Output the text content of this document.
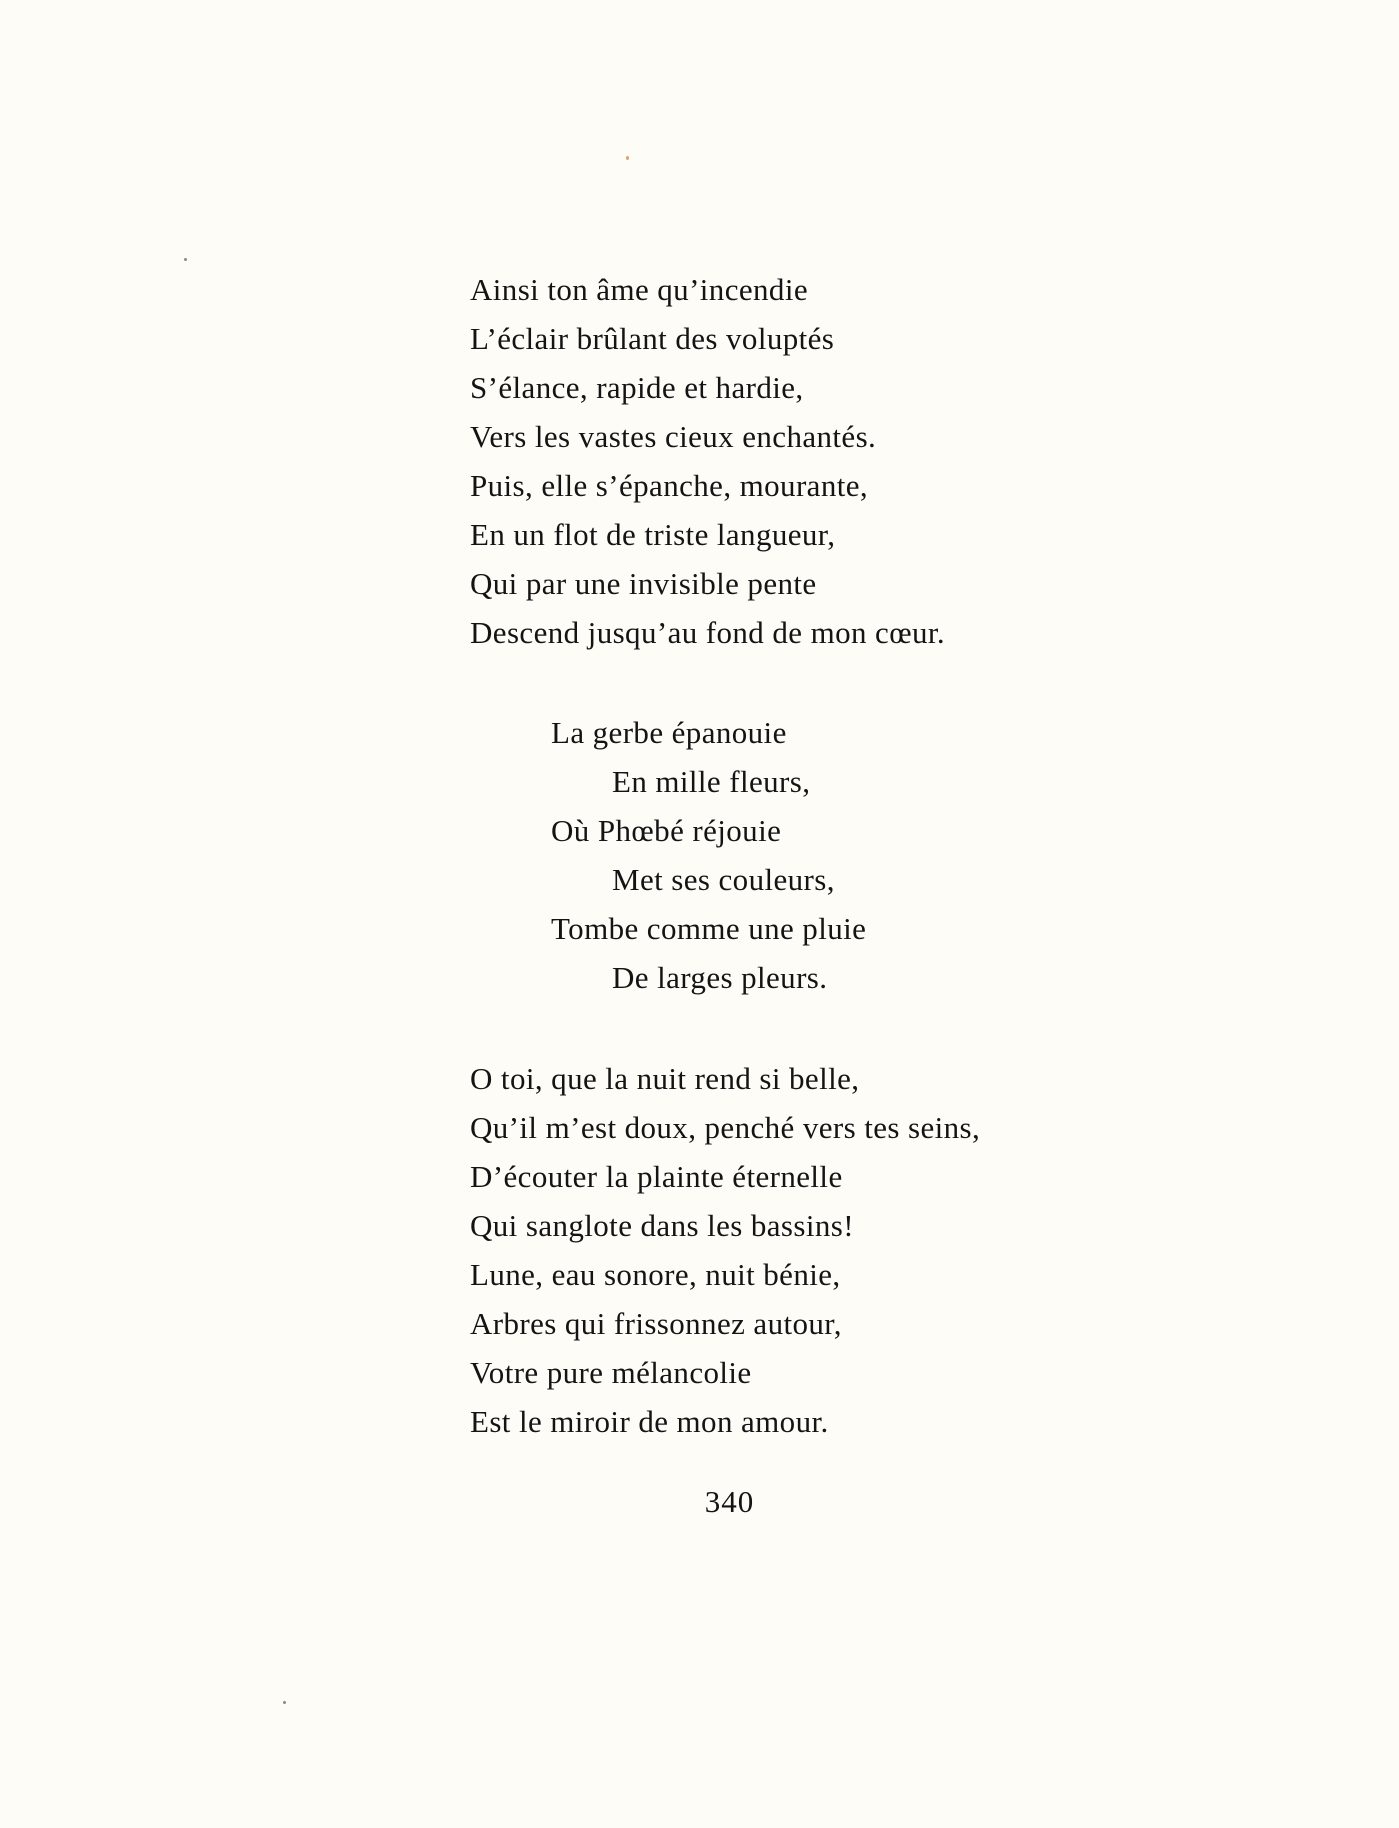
Ainsi ton âme qu’incendie
L’éclair brûlant des voluptés
S’élance, rapide et hardie,
Vers les vastes cieux enchantés.
Puis, elle s’épanche, mourante,
En un flot de triste langueur,
Qui par une invisible pente
Descend jusqu’au fond de mon cœur.
La gerbe épanouie
En mille fleurs,
Où Phœbé réjouie
Met ses couleurs,
Tombe comme une pluie
De larges pleurs.
O toi, que la nuit rend si belle,
Qu’il m’est doux, penché vers tes seins,
D’écouter la plainte éternelle
Qui sanglote dans les bassins!
Lune, eau sonore, nuit bénie,
Arbres qui frissonnez autour,
Votre pure mélancolie
Est le miroir de mon amour.
340
